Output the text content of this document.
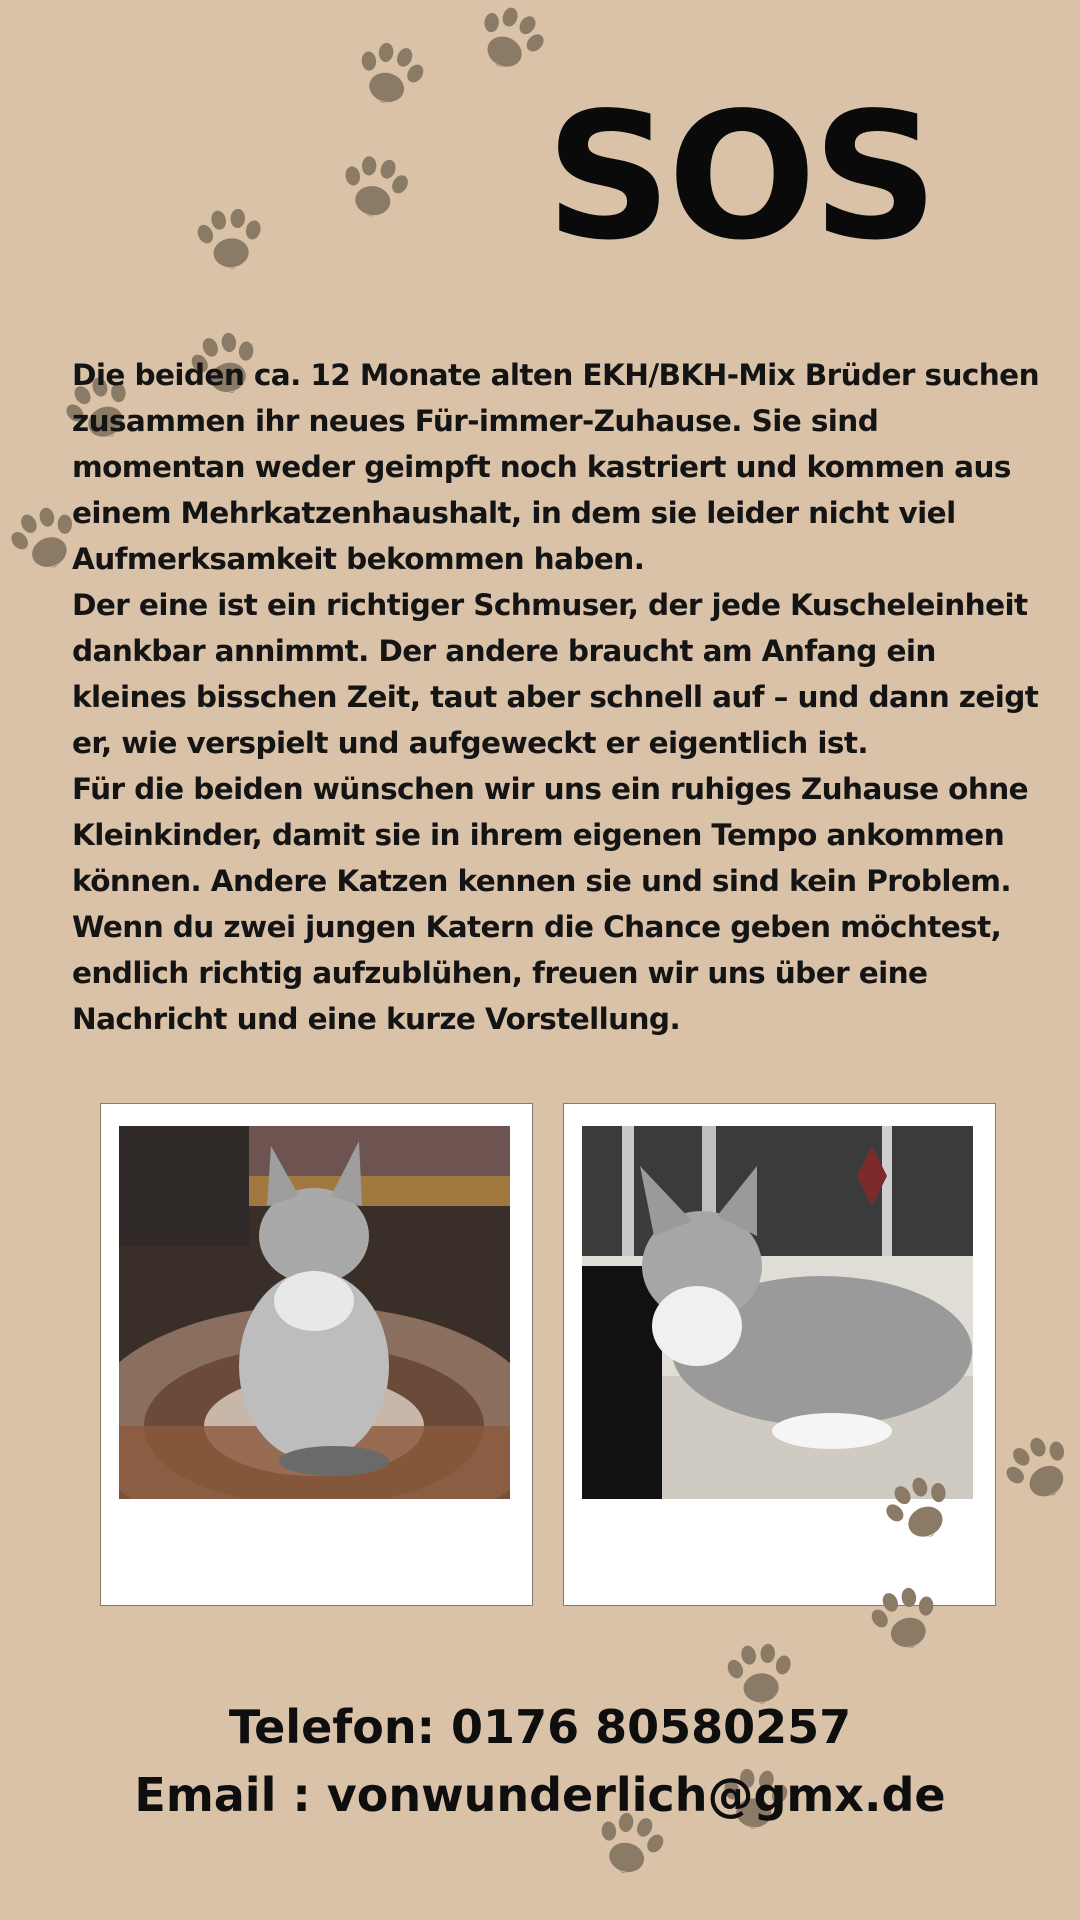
SOS

Die beiden ca. 12 Monate alten EKH/BKH-Mix Brüder suchen
zusammen ihr neues Für-immer-Zuhause. Sie sind
momentan weder geimpft noch kastriert und kommen aus
einem Mehrkatzenhaushalt, in dem sie leider nicht viel
Aufmerksamkeit bekommen haben.

Der eine ist ein richtiger Schmuser, der jede Kuscheleinheit
dankbar annimmt. Der andere braucht am Anfang ein
kleines bisschen Zeit, taut aber schnell auf – und dann zeigt
er, wie verspielt und aufgeweckt er eigentlich ist.

Für die beiden wünschen wir uns ein ruhiges Zuhause ohne
Kleinkinder, damit sie in ihrem eigenen Tempo ankommen
können. Andere Katzen kennen sie und sind kein Problem.
Wenn du zwei jungen Katern die Chance geben möchtest,
endlich richtig aufzublühen, freuen wir uns über eine
Nachricht und eine kurze Vorstellung.

Telefon: 0176 80580257
Email : vonwunderlich@gmx.de
